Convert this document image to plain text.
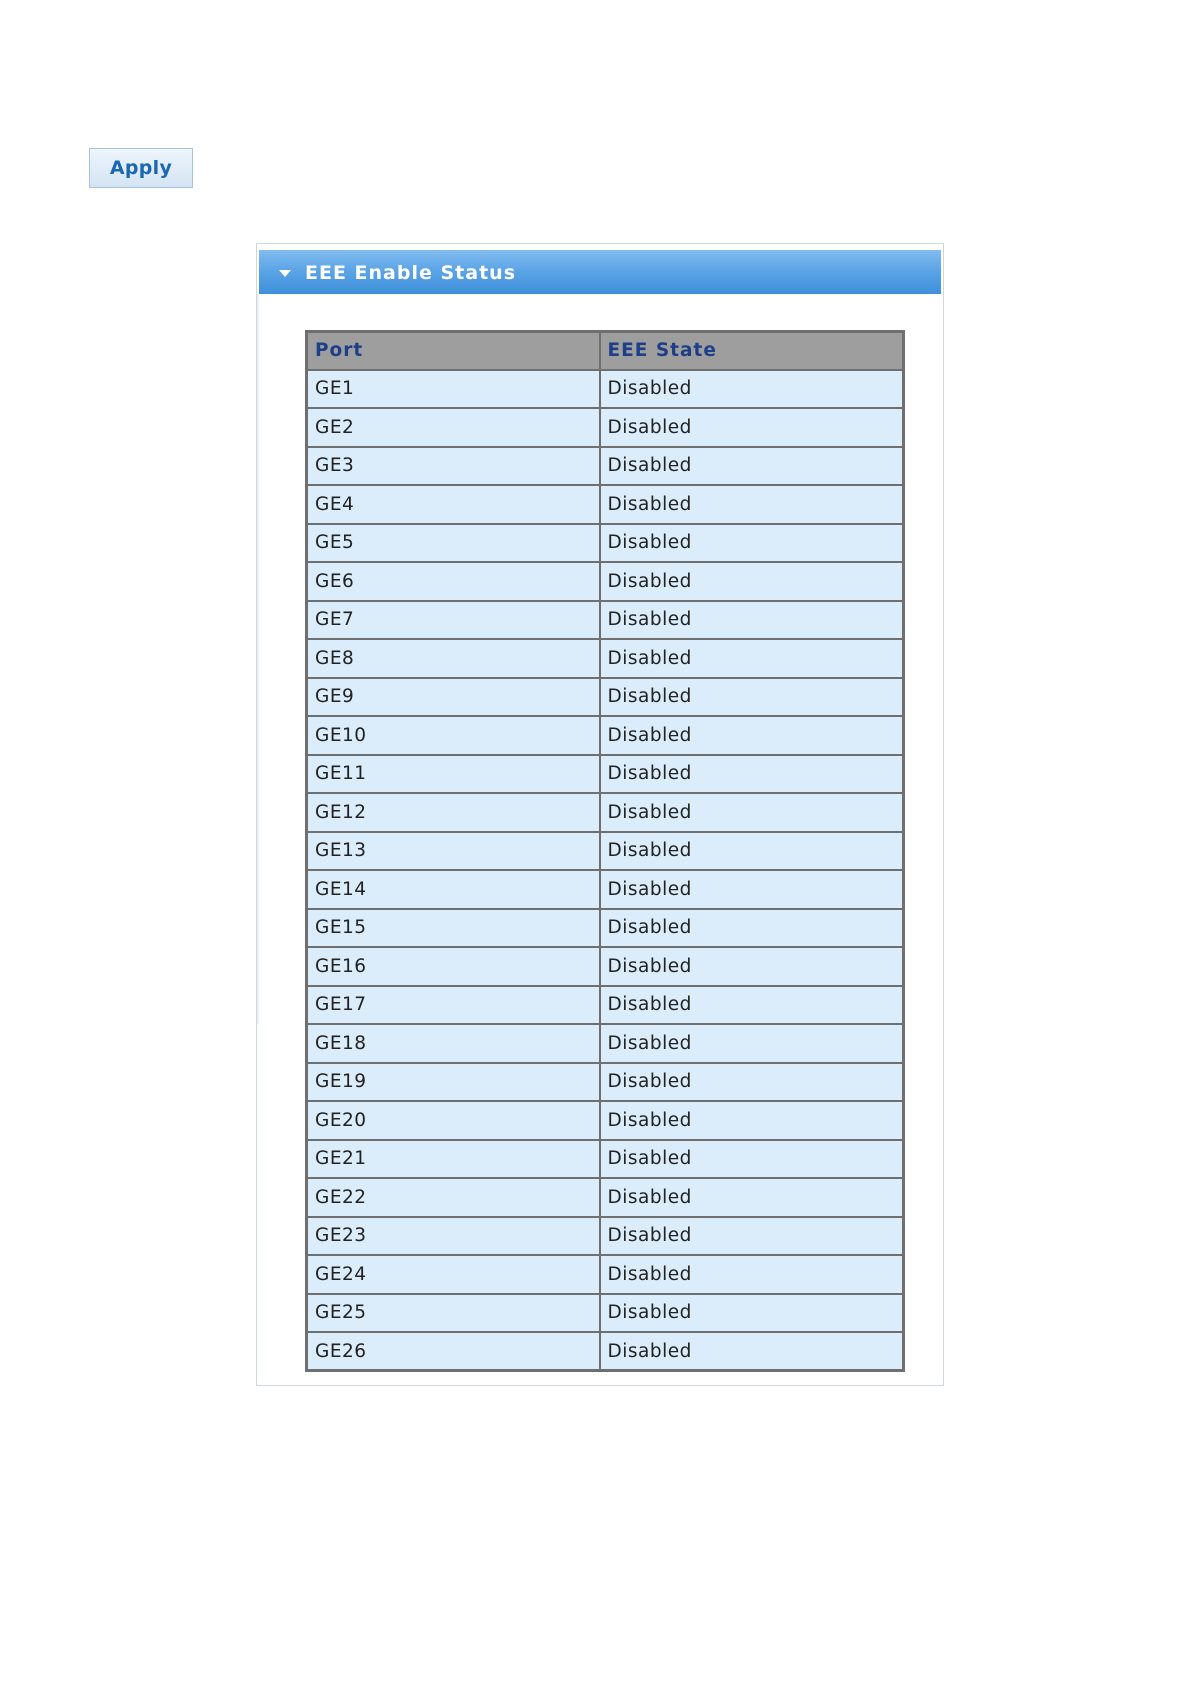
Apply
EEE Enable Status
Port	EEE State
GE1	Disabled
GE2	Disabled
GE3	Disabled
GE4	Disabled
GE5	Disabled
GE6	Disabled
GE7	Disabled
GE8	Disabled
GE9	Disabled
GE10	Disabled
GE11	Disabled
GE12	Disabled
GE13	Disabled
GE14	Disabled
GE15	Disabled
GE16	Disabled
GE17	Disabled
GE18	Disabled
GE19	Disabled
GE20	Disabled
GE21	Disabled
GE22	Disabled
GE23	Disabled
GE24	Disabled
GE25	Disabled
GE26	Disabled
